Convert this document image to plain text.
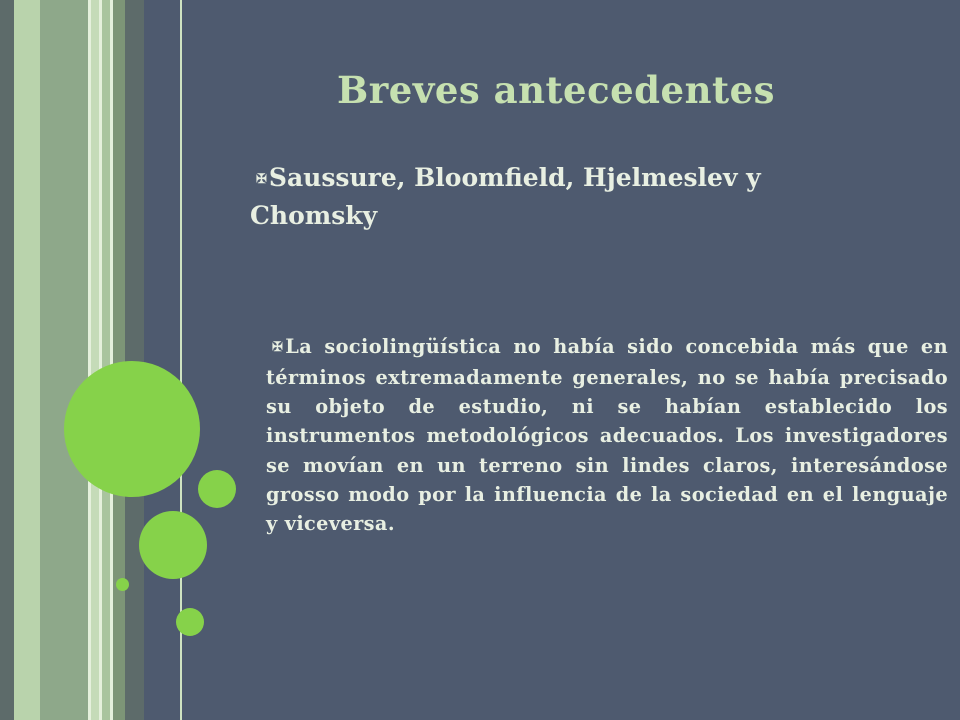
Breves antecedentes
✠Saussure, Bloomfield, Hjelmeslev y Chomsky
✠ La sociolingüística no había sido concebida más que en términos extremadamente generales, no se había precisado su objeto de estudio, ni se habían establecido los instrumentos metodológicos adecuados. Los investigadores se movían en un terreno sin lindes claros, interesándose grosso modo por la influencia de la sociedad en el lenguaje y viceversa.
